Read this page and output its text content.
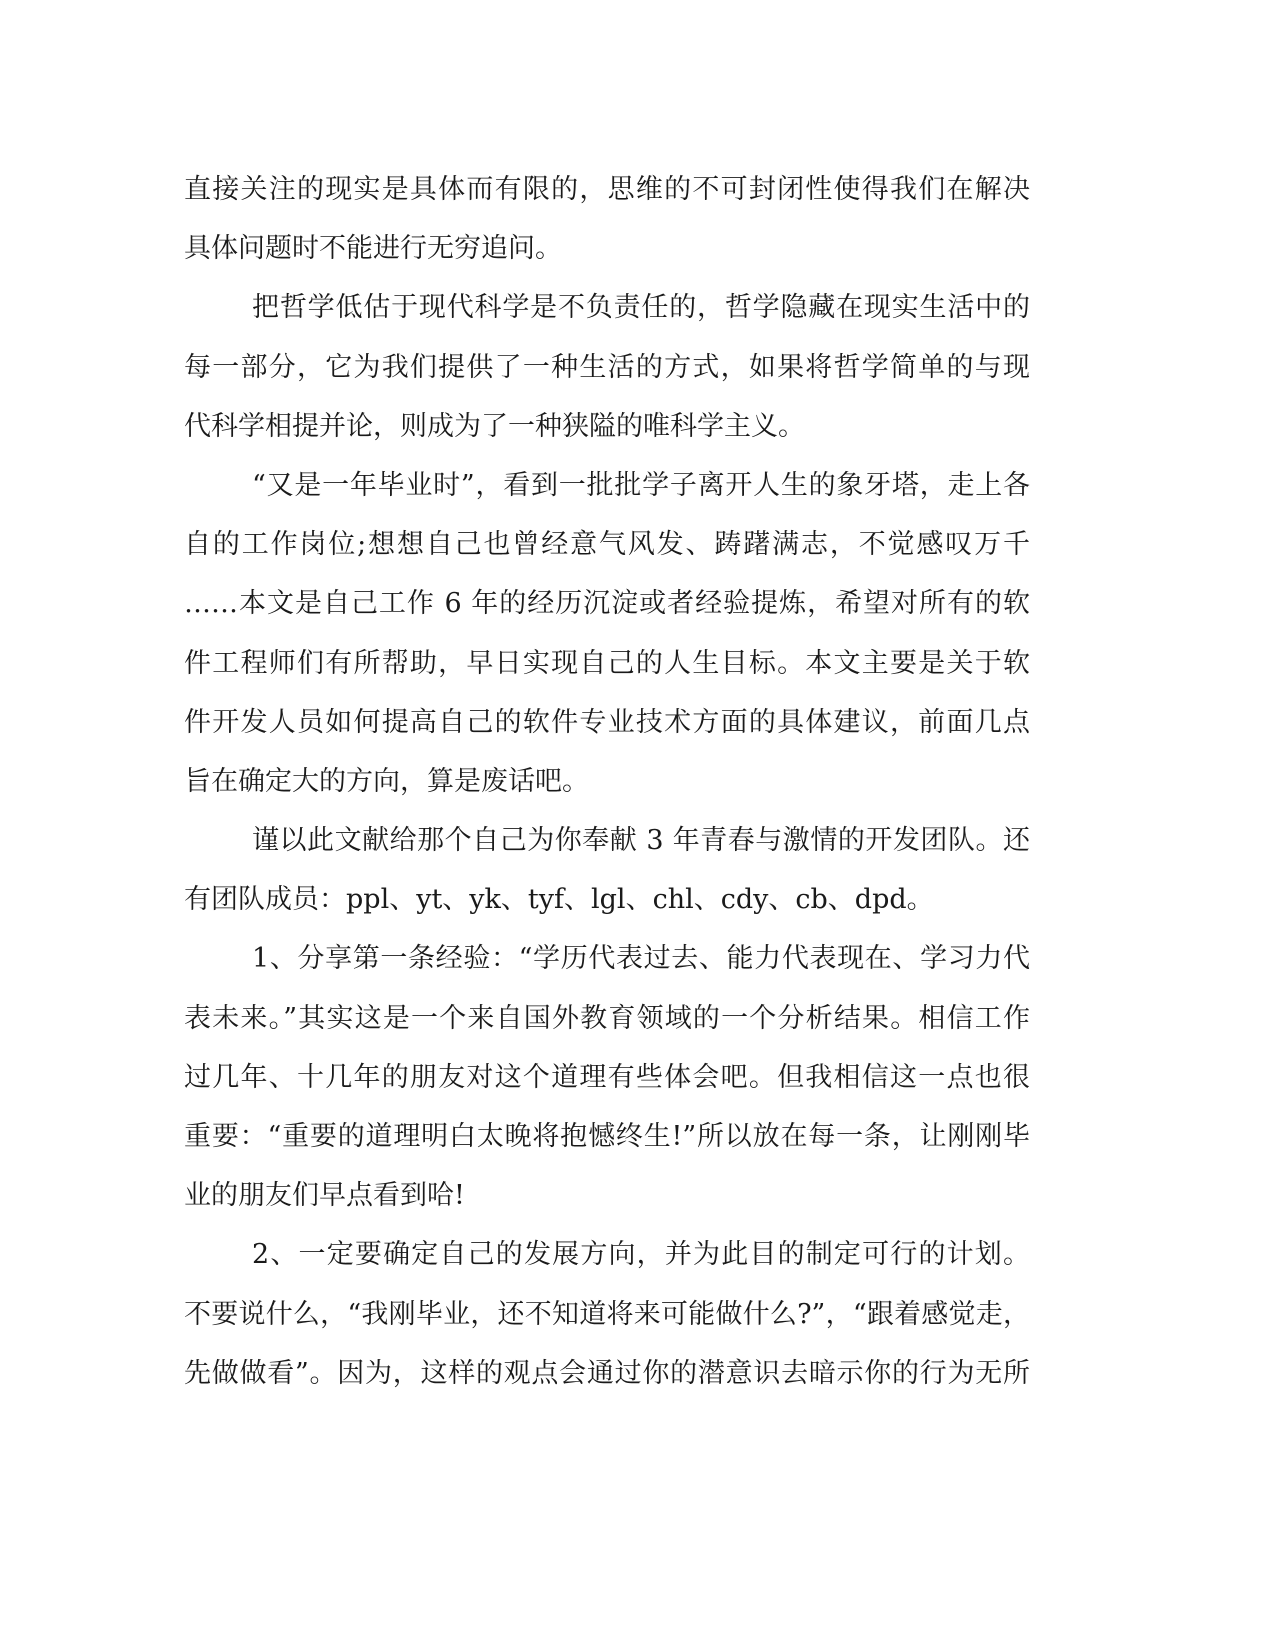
直接关注的现实是具体而有限的，思维的不可封闭性使得我们在解决
具体问题时不能进行无穷追问。
把哲学低估于现代科学是不负责任的，哲学隐藏在现实生活中的
每一部分，它为我们提供了一种生活的方式，如果将哲学简单的与现
代科学相提并论，则成为了一种狭隘的唯科学主义。
“又是一年毕业时”，看到一批批学子离开人生的象牙塔，走上各
自的工作岗位;想想自己也曾经意气风发、踌躇满志，不觉感叹万千
……本文是自己工作 6 年的经历沉淀或者经验提炼，希望对所有的软
件工程师们有所帮助，早日实现自己的人生目标。本文主要是关于软
件开发人员如何提高自己的软件专业技术方面的具体建议，前面几点
旨在确定大的方向，算是废话吧。
谨以此文献给那个自己为你奉献 3 年青春与激情的开发团队。还
有团队成员：ppl、yt、yk、tyf、lgl、chl、cdy、cb、dpd。
1、分享第一条经验：“学历代表过去、能力代表现在、学习力代
表未来。”其实这是一个来自国外教育领域的一个分析结果。相信工作
过几年、十几年的朋友对这个道理有些体会吧。但我相信这一点也很
重要：“重要的道理明白太晚将抱憾终生!”所以放在每一条，让刚刚毕
业的朋友们早点看到哈!
2、一定要确定自己的发展方向，并为此目的制定可行的计划。
不要说什么，“我刚毕业，还不知道将来可能做什么?”，“跟着感觉走，
先做做看”。因为，这样的观点会通过你的潜意识去暗示你的行为无所
